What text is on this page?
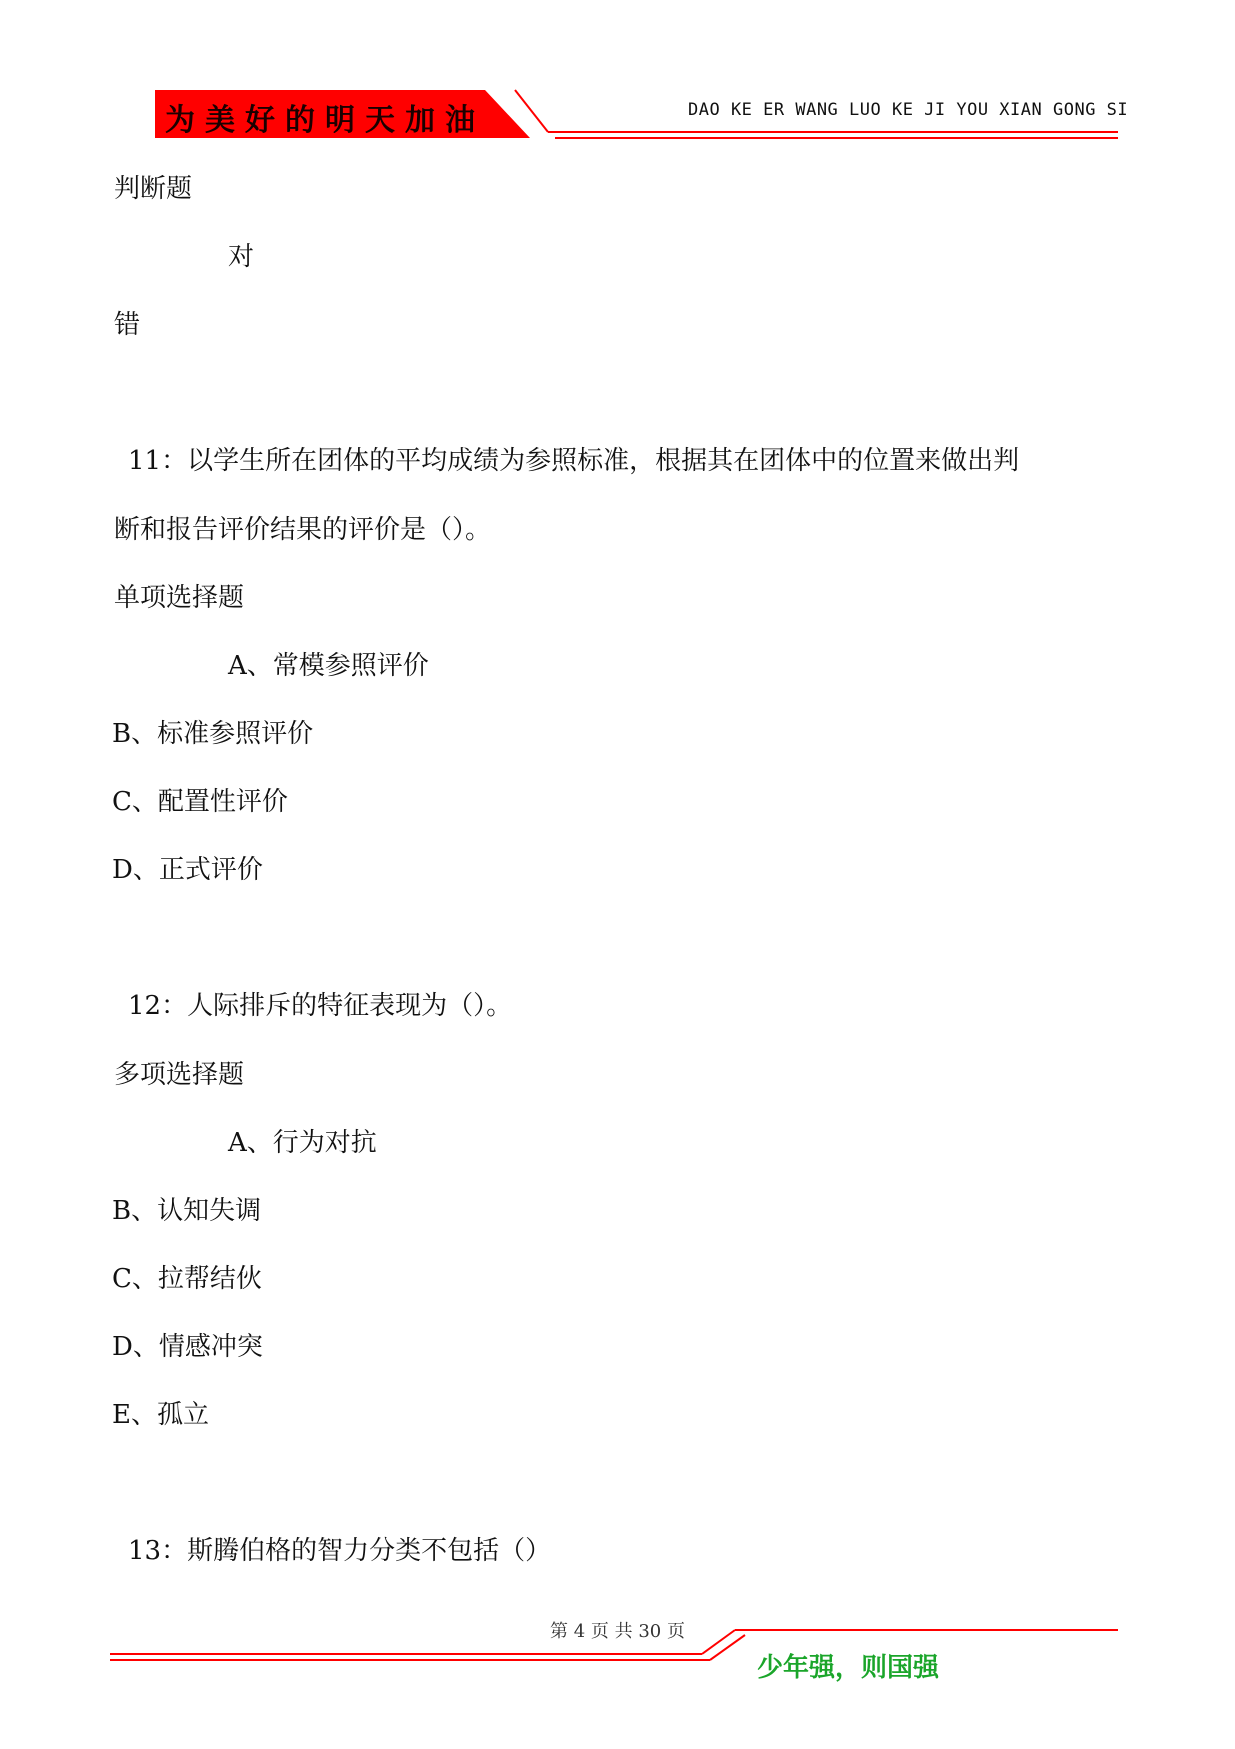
为美好的明天加油	DAO KE ER WANG LUO KE JI YOU XIAN GONG SI
判断题
对
错
11：以学生所在团体的平均成绩为参照标准，根据其在团体中的位置来做出判
断和报告评价结果的评价是（）。
单项选择题
A、常模参照评价
B、标准参照评价
C、配置性评价
D、正式评价
12：人际排斥的特征表现为（）。
多项选择题
A、行为对抗
B、认知失调
C、拉帮结伙
D、情感冲突
E、孤立
13：斯腾伯格的智力分类不包括（）
第 4 页 共 30 页
少年强，则国强
